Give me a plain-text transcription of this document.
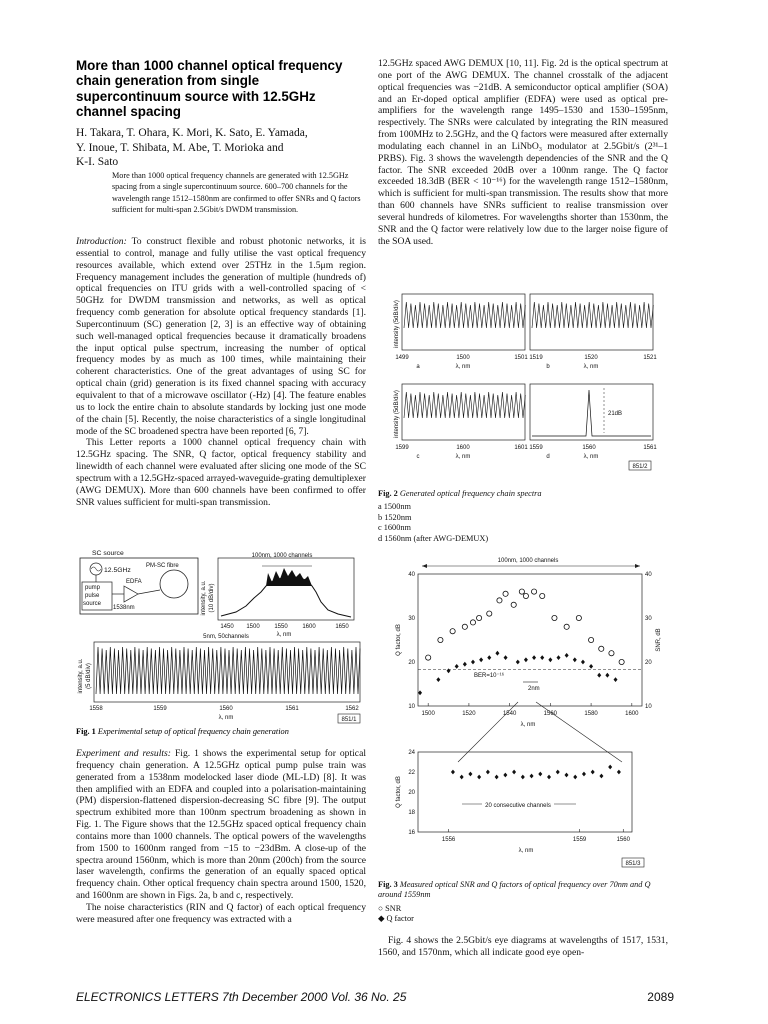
More than 1000 channel optical frequency chain generation from single supercontinuum source with 12.5GHz channel spacing
H. Takara, T. Ohara, K. Mori, K. Sato, E. Yamada,
Y. Inoue, T. Shibata, M. Abe, T. Morioka and
K-I. Sato

More than 1000 optical frequency channels are generated with 12.5GHz spacing from a single supercontinuum source. 600–700 channels for the wavelength range 1512–1580nm are confirmed to offer SNRs and Q factors sufficient for multi-span 2.5Gbit/s DWDM transmission.

Introduction: To construct flexible and robust photonic networks, it is essential to control, manage and fully utilise the vast optical frequency resources available, which extend over 25THz in the 1.5μm region. Frequency management includes the generation of multiple (hundreds of) optical frequencies on ITU grids with a well-controlled spacing of < 50GHz for DWDM transmission and networks, as well as optical frequency comb generation for absolute optical frequency standards [1]. Supercontinuum (SC) generation [2, 3] is an effective way of obtaining such well-managed optical frequencies because it dramatically broadens the input optical pulse spectrum, increasing the number of optical frequency modes by as much as 100 times, while maintaining their coherent characteristics. One of the great advantages of using SC for optical chain (grid) generation is its fixed channel spacing with accuracy equivalent to that of a microwave oscillator (-Hz) [4]. The feature enables us to lock the entire chain to absolute standards by locking just one mode of the chain [5]. Recently, the noise characteristics of a single longitudinal mode of the SC broadened spectra have been reported [6, 7].

This Letter reports a 1000 channel optical frequency chain with 12.5GHz spacing. The SNR, Q factor, optical frequency stability and linewidth of each channel were evaluated after slicing one mode of the SC spectrum with a 12.5GHz-spaced arrayed-waveguide-grating demultiplexer (AWG DEMUX). More than 600 channels have been confirmed to offer SNR values sufficient for multi-span transmission.

SC source
12.5GHz
PM-SC fibre
pump
pulse
source
1538nm
EDFA	intensity, a.u. (10 dB/div)
100nm, 1000 channels
1450 1500 1550 1600	1650
λ, nm
5nm, 50channels
intensity, a.u. (5 dB/div)
1558	1559	1560	1561	1562
λ, nm	851/1
Fig. 1 Experimental setup of optical frequency chain generation

Experiment and results: Fig. 1 shows the experimental setup for optical frequency chain generation. A 12.5GHz optical pump pulse train was generated from a 1538nm modelocked laser diode (ML-LD) [8]. It was then amplified with an EDFA and coupled into a polarisation-maintaining (PM) dispersion-flattened dispersion-decreasing SC fibre [9]. The output spectrum exhibited more than 100nm spectrum broadening as shown in Fig. 1. The Figure shows that the 12.5GHz spaced optical frequency chain contains more than 1000 channels. The optical powers of the wavelengths from 1500 to 1600nm ranged from −15 to −23dBm. A close-up of the spectra around 1560nm, which is more than 20nm (200ch) from the source laser wavelength, confirms the generation of an equally spaced optical frequency chain. Other optical frequency chain spectra around 1500, 1520, and 1600nm are shown in Figs. 2a, b and c, respectively.

The noise characteristics (RIN and Q factor) of each optical frequency were measured after one frequency was extracted with a

12.5GHz spaced AWG DEMUX [10, 11]. Fig. 2d is the optical spectrum at one port of the AWG DEMUX. The channel crosstalk of the adjacent optical frequencies was −21dB. A semiconductor optical amplifier (SOA) and an Er-doped optical amplifier (EDFA) were used as optical pre-amplifiers for the wavelength range 1495–1530 and 1530–1595nm, respectively. The SNRs were calculated by integrating the RIN measured from 100MHz to 2.5GHz, and the Q factors were measured after externally modulating each channel in an LiNbO₃ modulator at 2.5Gbit/s (2³¹–1 PRBS). Fig. 3 shows the wavelength dependencies of the SNR and the Q factor. The SNR exceeded 20dB over a 100nm range. The Q factor exceeded 18.3dB (BER < 10⁻¹⁶) for the wavelength range 1512–1580nm, which is sufficient for multi-span transmission. The results show that more than 600 channels have SNRs sufficient to realise transmission over several hundreds of kilometres. For wavelengths shorter than 1530nm, the SNR and the Q factor were relatively low due to the larger noise figure of the SOA used.

intensity (5dB/div)
intensity (5dB/div)	21dB
1499	1500	1501
a	λ, nm
1519	1520	1521
b	λ, nm
1599	1600	1601
c	λ, nm
1559	1560	1561
d	λ, nm
851/2
Fig. 2 Generated optical frequency chain spectra
a 1500nm
b 1520nm
c 1600nm
d 1560nm (after AWG-DEMUX)
100nm, 1000 channels
Q factor, dB	SNR, dB
λ, nm
BER=10⁻¹⁶
2nm
Q factor, dB	20 consecutive channels
λ, nm
851/3
1500	1520	1540	1560	1580	1600
10
20
30
40
10
20
30
40
1556	1559	1560
16
18
20
22
24
Fig. 3 Measured optical SNR and Q factors of optical frequency over 70nm and Q around 1559nm
○ SNR
◆ Q factor

Fig. 4 shows the 2.5Gbit/s eye diagrams at wavelengths of 1517, 1531, 1560, and 1570nm, which all indicate good eye open-

ELECTRONICS LETTERS 7th December 2000 Vol. 36 No. 25	2089
